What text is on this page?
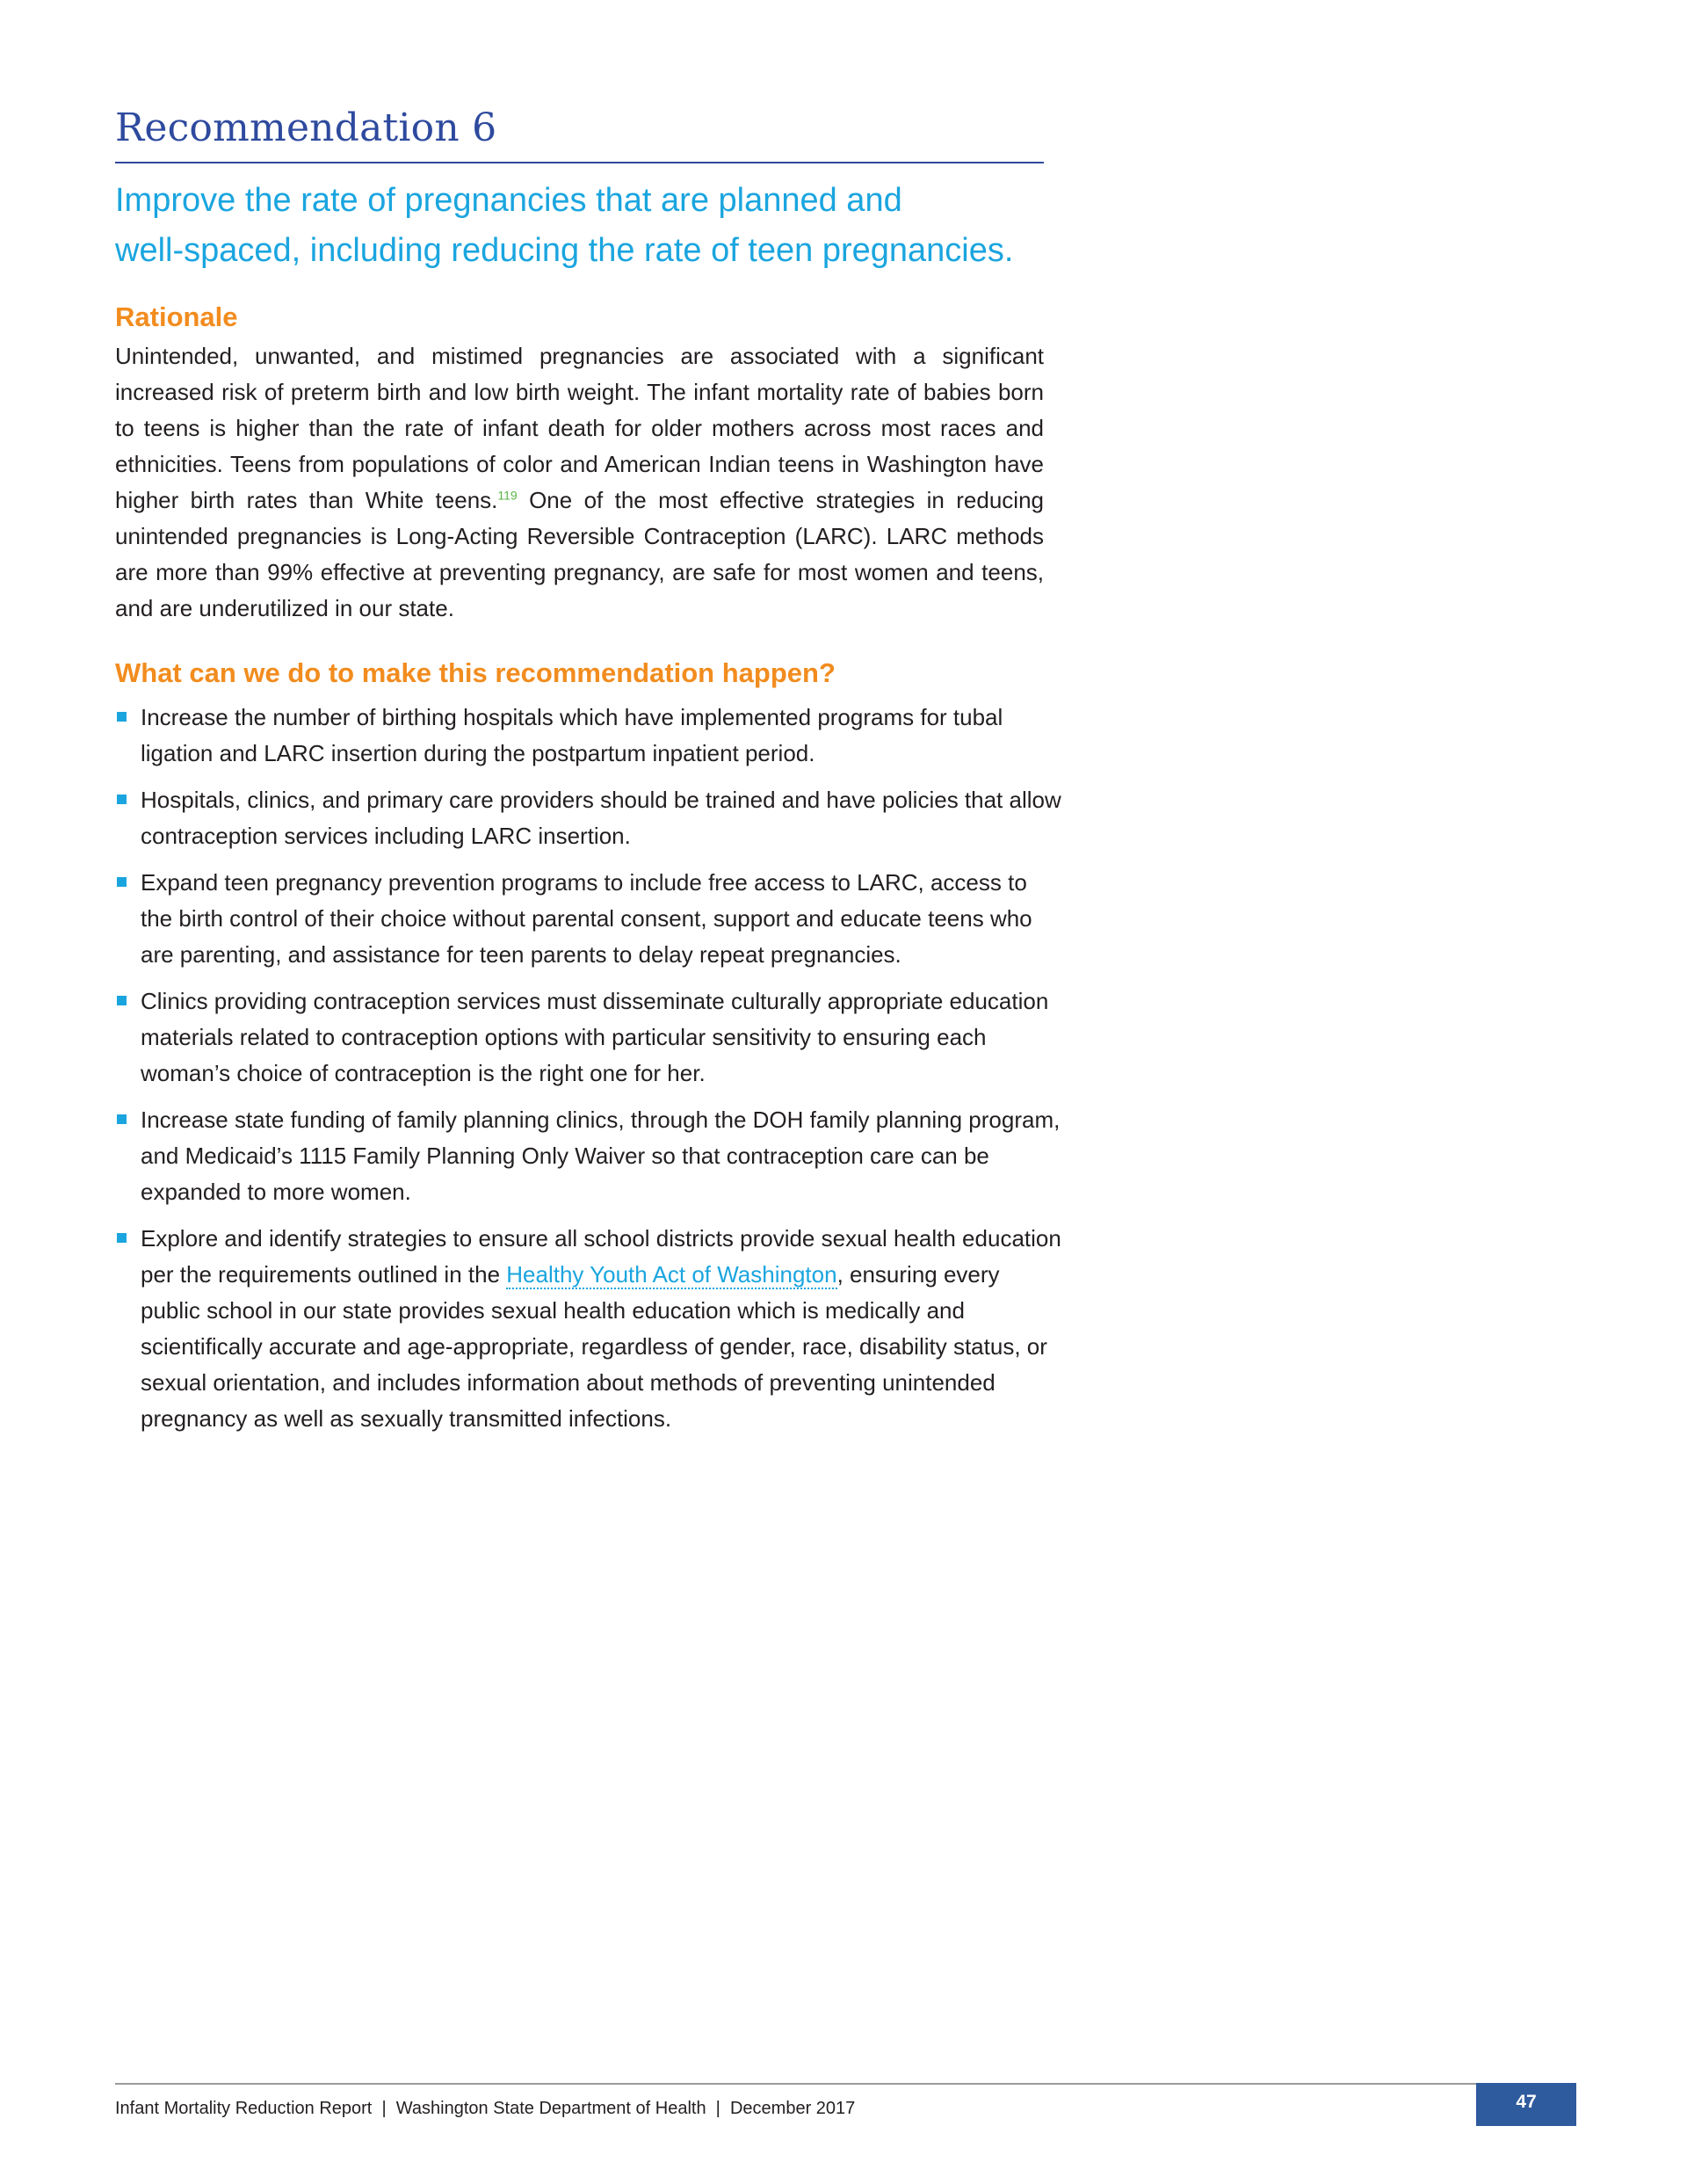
Recommendation 6
Improve the rate of pregnancies that are planned and
well-spaced, including reducing the rate of teen pregnancies.
Rationale
Unintended, unwanted, and mistimed pregnancies are associated with a significant increased risk of preterm birth and low birth weight. The infant mortality rate of babies born to teens is higher than the rate of infant death for older mothers across most races and ethnicities. Teens from populations of color and American Indian teens in Washington have higher birth rates than White teens.$^{119}$ One of the most effective strategies in reducing unintended pregnancies is Long-Acting Reversible Contraception (LARC). LARC methods are more than 99% effective at preventing pregnancy, are safe for most women and teens, and are underutilized in our state.
What can we do to make this recommendation happen?
Increase the number of birthing hospitals which have implemented programs for tubal ligation and LARC insertion during the postpartum inpatient period.
Hospitals, clinics, and primary care providers should be trained and have policies that allow contraception services including LARC insertion.
Expand teen pregnancy prevention programs to include free access to LARC, access to the birth control of their choice without parental consent, support and educate teens who are parenting, and assistance for teen parents to delay repeat pregnancies.
Clinics providing contraception services must disseminate culturally appropriate education materials related to contraception options with particular sensitivity to ensuring each woman’s choice of contraception is the right one for her.
Increase state funding of family planning clinics, through the DOH family planning program, and Medicaid’s 1115 Family Planning Only Waiver so that contraception care can be expanded to more women.
Explore and identify strategies to ensure all school districts provide sexual health education per the requirements outlined in the Healthy Youth Act of Washington, ensuring every public school in our state provides sexual health education which is medically and scientifically accurate and age-appropriate, regardless of gender, race, disability status, or sexual orientation, and includes information about methods of preventing unintended pregnancy as well as sexually transmitted infections.
Infant Mortality Reduction Report  |  Washington State Department of Health  |  December 2017	47
